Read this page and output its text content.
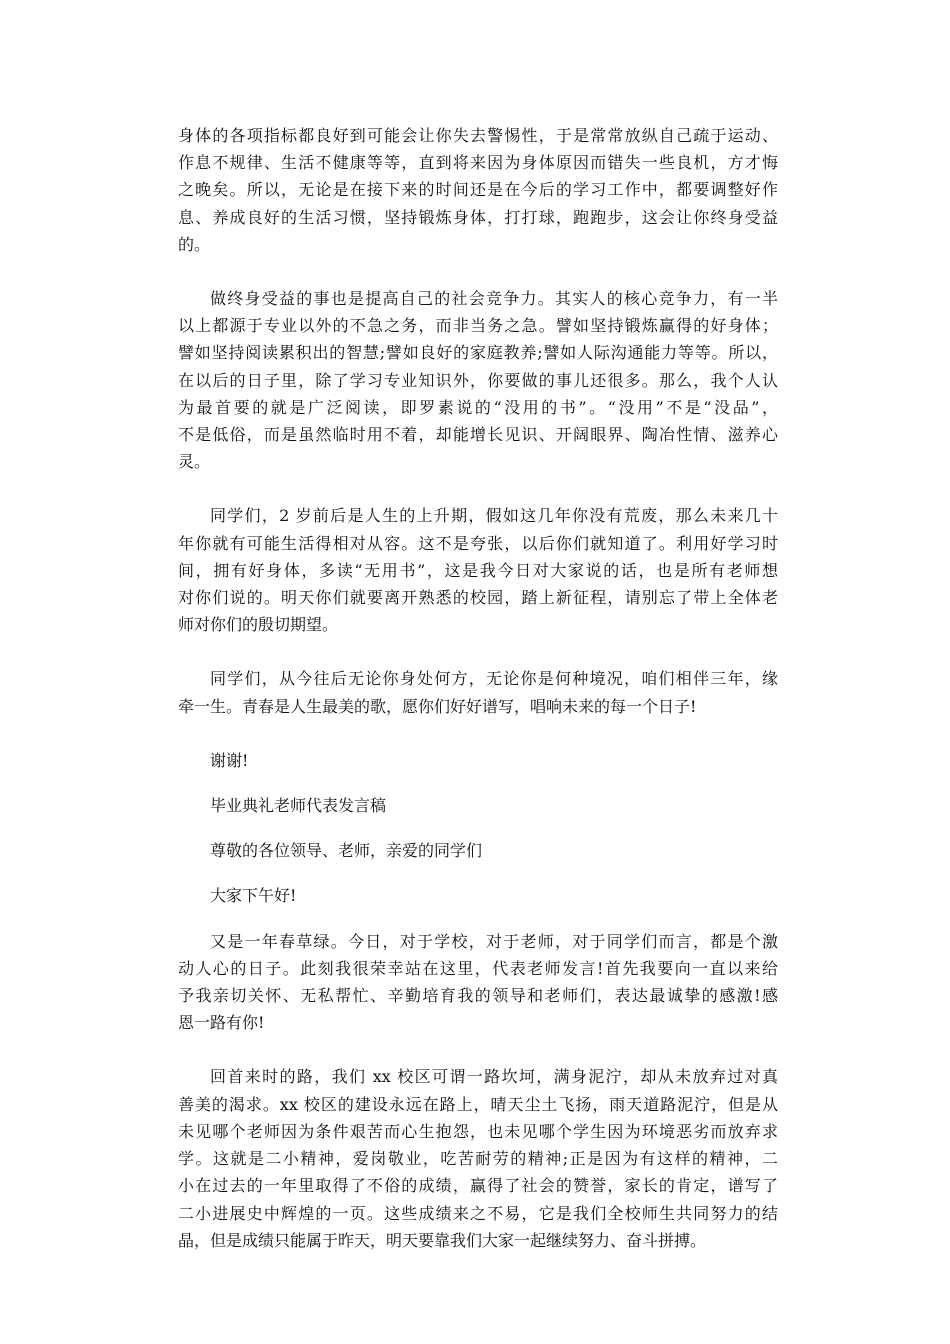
身体的各项指标都良好到可能会让你失去警惕性，于是常常放纵自己疏于运动、
作息不规律、生活不健康等等，直到将来因为身体原因而错失一些良机，方才悔
之晚矣。所以，无论是在接下来的时间还是在今后的学习工作中，都要调整好作
息、养成良好的生活习惯，坚持锻炼身体，打打球，跑跑步，这会让你终身受益
的。
做终身受益的事也是提高自己的社会竞争力。其实人的核心竞争力，有一半
以上都源于专业以外的不急之务，而非当务之急。譬如坚持锻炼赢得的好身体；
譬如坚持阅读累积出的智慧;譬如良好的家庭教养;譬如人际沟通能力等等。所以，
在以后的日子里，除了学习专业知识外，你要做的事儿还很多。那么，我个人认
为最首要的就是广泛阅读，即罗素说的“没用的书”。“没用”不是“没品”，
不是低俗，而是虽然临时用不着，却能增长见识、开阔眼界、陶冶性情、滋养心
灵。
同学们，2 岁前后是人生的上升期，假如这几年你没有荒废，那么未来几十
年你就有可能生活得相对从容。这不是夸张，以后你们就知道了。利用好学习时
间，拥有好身体，多读“无用书”，这是我今日对大家说的话，也是所有老师想
对你们说的。明天你们就要离开熟悉的校园，踏上新征程，请别忘了带上全体老
师对你们的殷切期望。
同学们，从今往后无论你身处何方，无论你是何种境况，咱们相伴三年，缘
牵一生。青春是人生最美的歌，愿你们好好谱写，唱响未来的每一个日子!
谢谢!
毕业典礼老师代表发言稿
尊敬的各位领导、老师，亲爱的同学们
大家下午好!
又是一年春草绿。今日，对于学校，对于老师，对于同学们而言，都是个激
动人心的日子。此刻我很荣幸站在这里，代表老师发言!首先我要向一直以来给
予我亲切关怀、无私帮忙、辛勤培育我的领导和老师们，表达最诚挚的感激!感
恩一路有你!
回首来时的路，我们 xx 校区可谓一路坎坷，满身泥泞，却从未放弃过对真
善美的渴求。xx 校区的建设永远在路上，晴天尘土飞扬，雨天道路泥泞，但是从
未见哪个老师因为条件艰苦而心生抱怨，也未见哪个学生因为环境恶劣而放弃求
学。这就是二小精神，爱岗敬业，吃苦耐劳的精神;正是因为有这样的精神，二
小在过去的一年里取得了不俗的成绩，赢得了社会的赞誉，家长的肯定，谱写了
二小进展史中辉煌的一页。这些成绩来之不易，它是我们全校师生共同努力的结
晶，但是成绩只能属于昨天，明天要靠我们大家一起继续努力、奋斗拼搏。
